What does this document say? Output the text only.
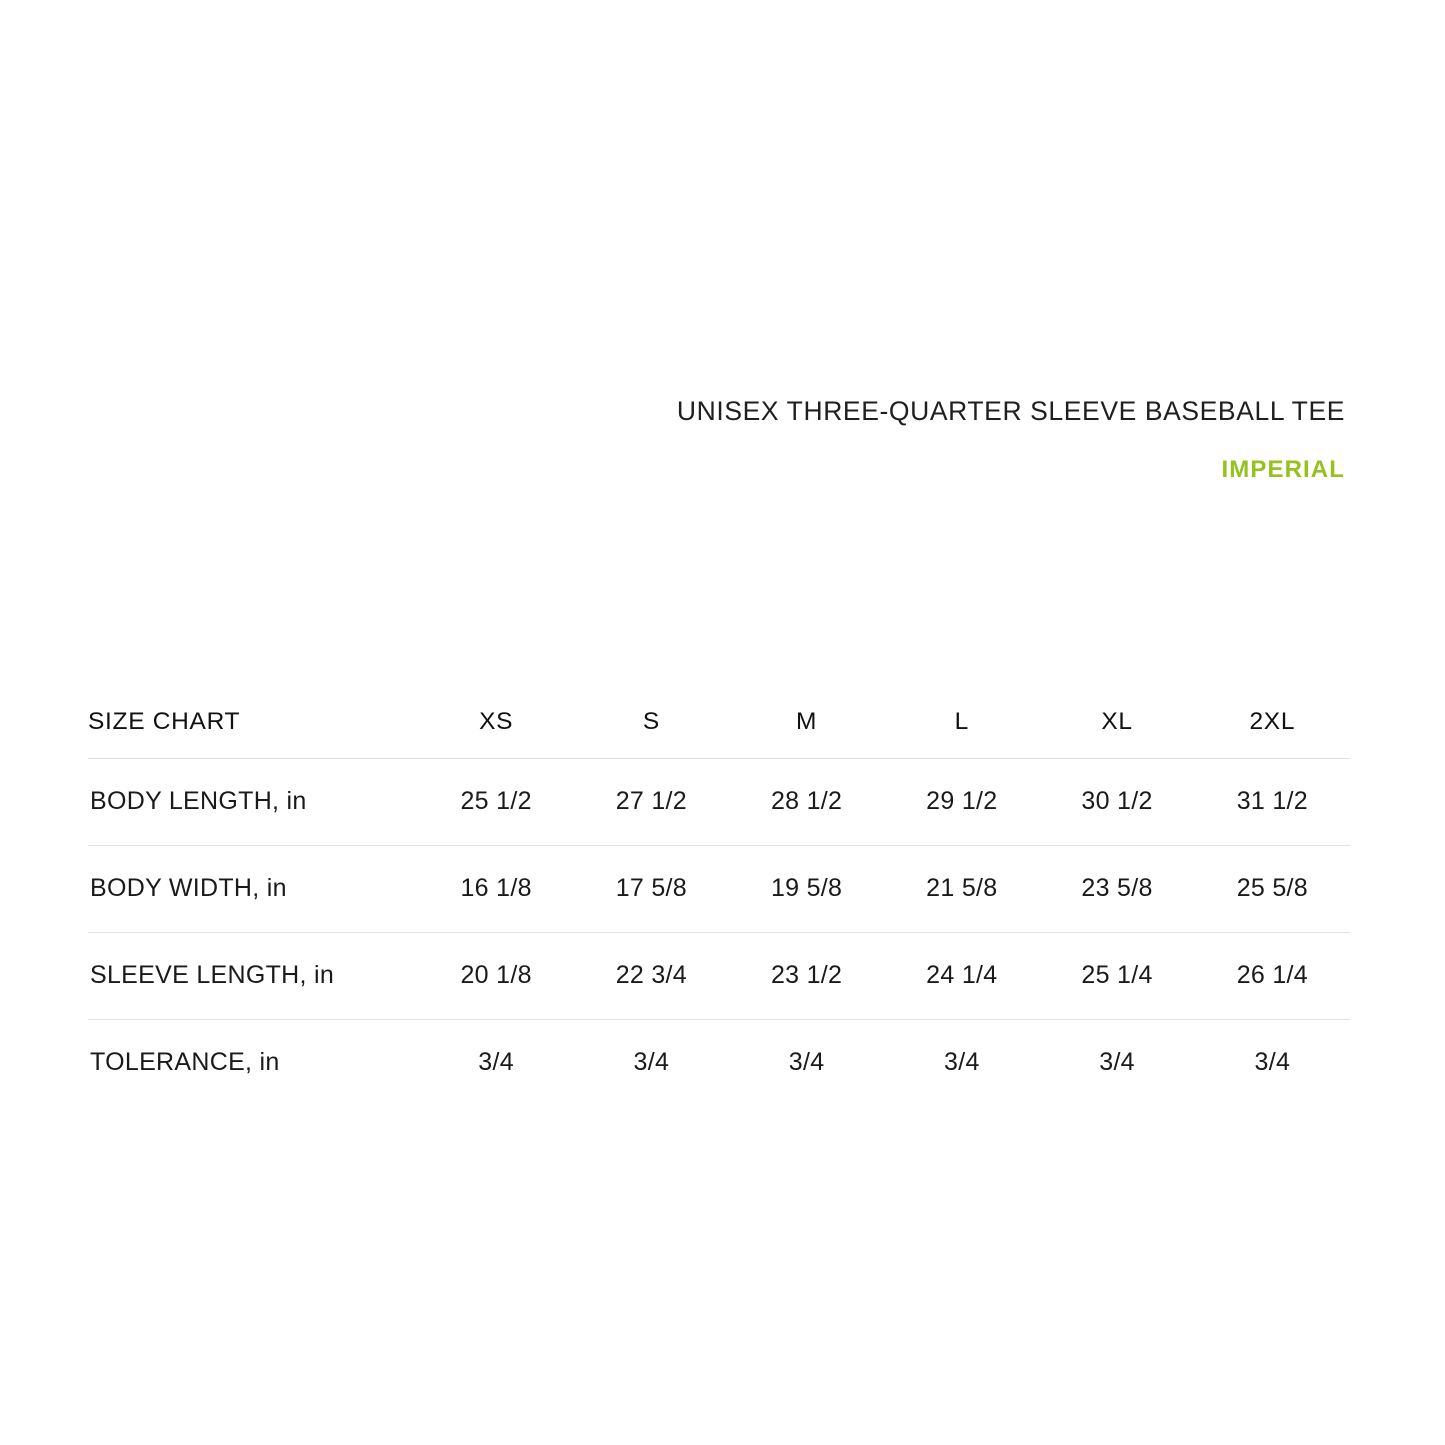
UNISEX THREE-QUARTER SLEEVE BASEBALL TEE
IMPERIAL
SIZE CHART	XS	S	M	L	XL	2XL
BODY LENGTH, in	25 1/2	27 1/2	28 1/2	29 1/2	30 1/2	31 1/2
BODY WIDTH, in	16 1/8	17 5/8	19 5/8	21 5/8	23 5/8	25 5/8
SLEEVE LENGTH, in	20 1/8	22 3/4	23 1/2	24 1/4	25 1/4	26 1/4
TOLERANCE, in	3/4	3/4	3/4	3/4	3/4	3/4
